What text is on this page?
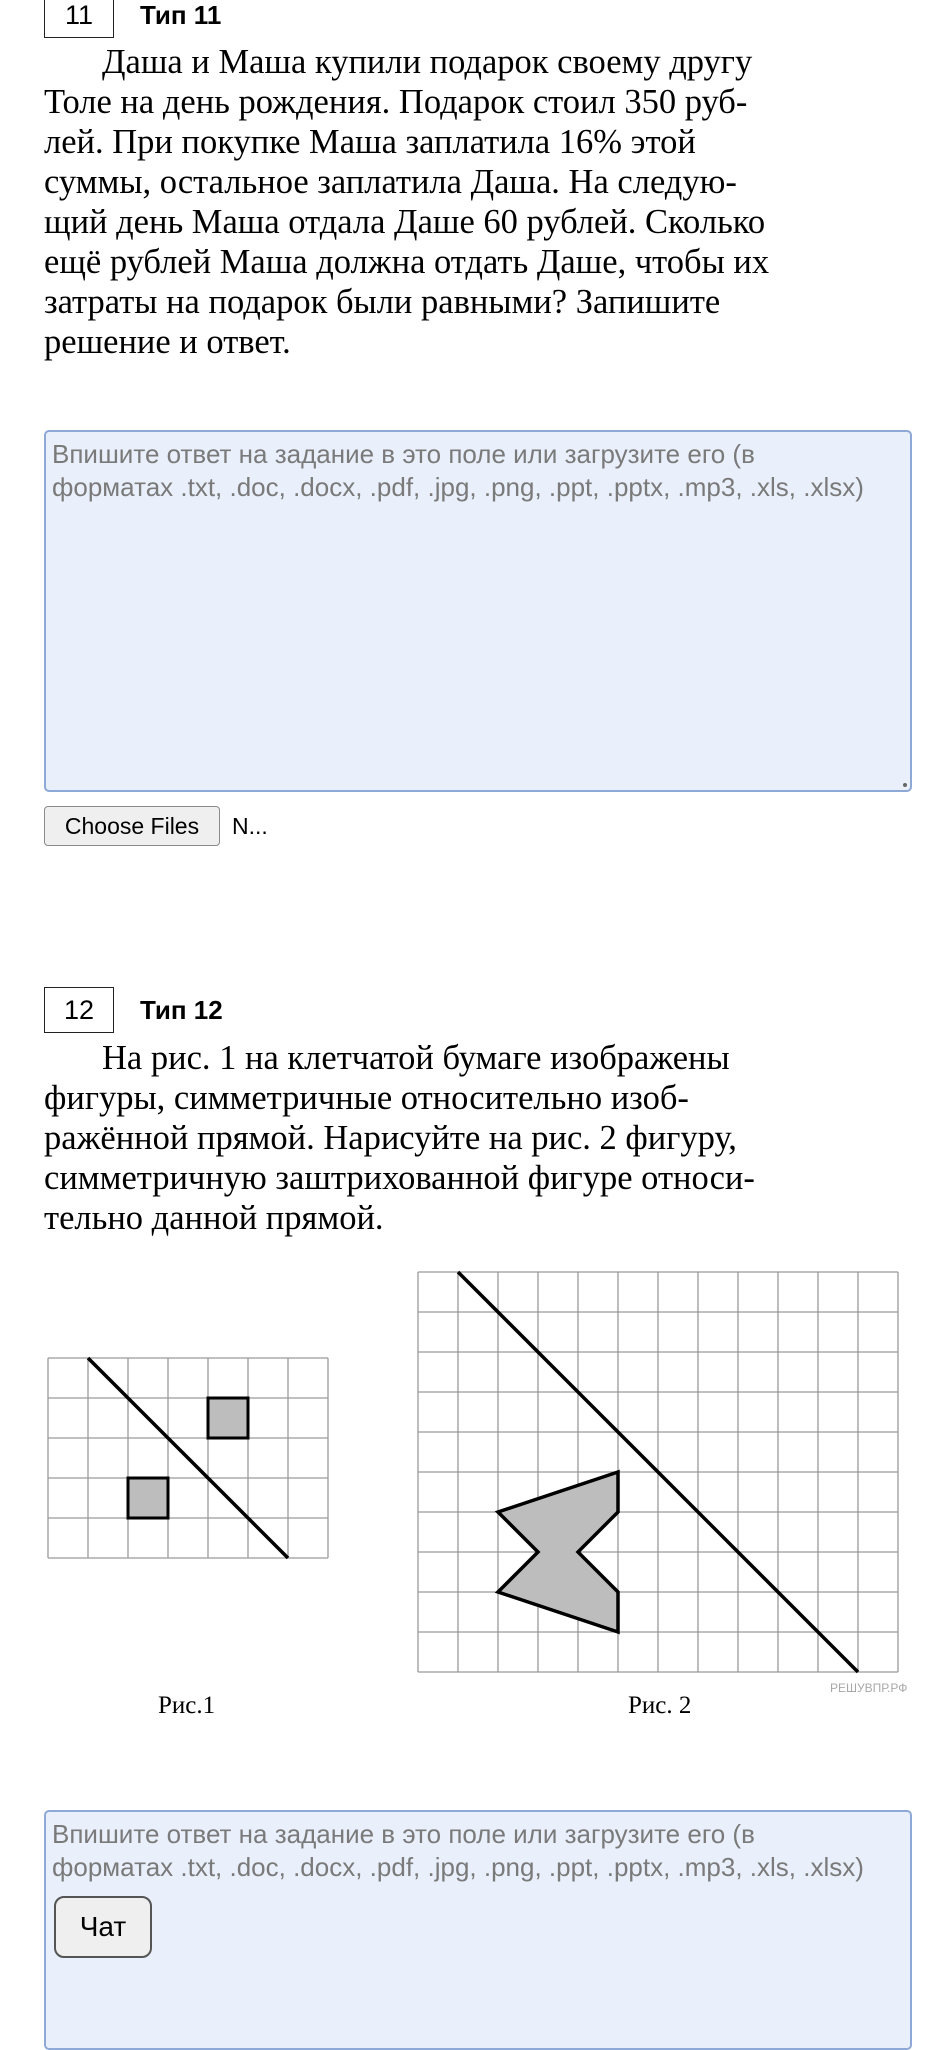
11	Тип 11
Даша и Маша купили подарок своему другу
Толе на день рождения. Подарок стоил 350 руб-
лей. При покупке Маша заплатила 16% этой
суммы, остальное заплатила Даша. На следую-
щий день Маша отдала Даше 60 рублей. Сколько
ещё рублей Маша должна отдать Даше, чтобы их
затраты на подарок были равными? Запишите
решение и ответ.
Впишите ответ на задание в это поле или загрузите его (в
форматах .txt, .doc, .docx, .pdf, .jpg, .png, .ppt, .pptx, .mp3, .xls, .xlsx)
Choose Files	N...
12	Тип 12
На рис. 1 на клетчатой бумаге изображены
фигуры, симметричные относительно изоб-
ражённой прямой. Нарисуйте на рис. 2 фигуру,
симметричную заштрихованной фигуре относи-
тельно данной прямой.
Рис.1	Рис. 2
РЕШУВПР.РФ
Впишите ответ на задание в это поле или загрузите его (в
форматах .txt, .doc, .docx, .pdf, .jpg, .png, .ppt, .pptx, .mp3, .xls, .xlsx)
Чат
